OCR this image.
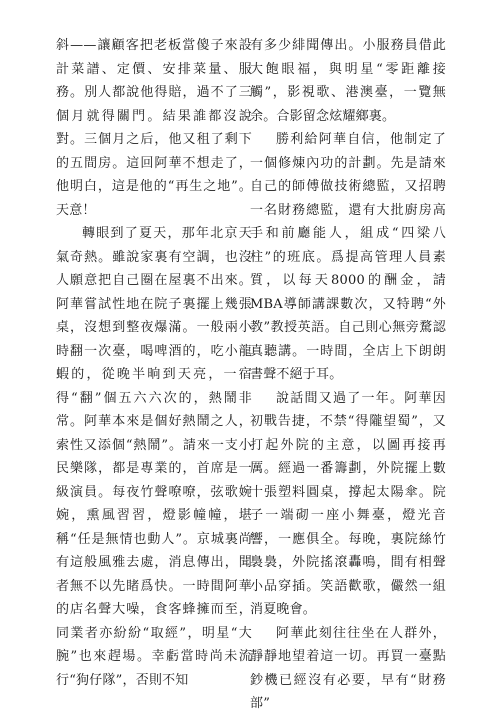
斜——讓顧客把老板當傻子來設計菜譜、定價、安排菜量、服務。別人都說他得賠，過不了三個月就得關門。結果誰都沒說對。三個月之后，他又租了剩下的五間房。這回阿華不想走了，他明白，這是他的“再生之地”。天意！

轉眼到了夏天，那年北京天氣奇熱。雖說家裏有空調，也沒人願意把自己圈在屋裏不出來。阿華嘗試性地在院子裏擺上幾張桌，沒想到整夜爆滿。一般兩小時翻一次臺，喝啤酒的，吃小龍蝦的，從晚半晌到天亮，一宿得“翻”個五六六次的，熱鬧非常。阿華本來是個好熱鬧之人，索性又添個“熱鬧”。請來一支小民樂隊，都是專業的，首席是一級演員。每夜竹聲嘹嘹，弦歌婉婉，熏風習習，燈影幢幢，堪稱“任是無情也動人”。京城裏尚有這般風雅去處，消息傳出，聞者無不以先睹爲快。一時間阿華的店名聲大噪，食客蜂擁而至，同業者亦紛紛“取經”，明星“大腕”也來趕場。幸虧當時尚未流行“狗仔隊”，否則不知

有多少緋聞傳出。小服務員借此大飽眼福，與明星“零距離接觸”，影視歌、港澳臺，一覽無余。合影留念炫耀鄉裏。

勝利給阿華自信，他制定了一個修煉內功的計劃。先是請來自己的師傅做技術總監，又招聘一名財務總監，還有大批廚房高手和前廳能人，組成“四梁八柱”的班底。爲提高管理人員素質，以每天8000的酬金，請MBA導師講課數次，又特聘“外教”教授英語。自己則心無旁騖認真聽講。一時間，全店上下朗朗書聲不絕于耳。

說話間又過了一年。阿華因初戰告捷，不禁“得隴望蜀”，又打起外院的主意，以圖再接再厲。經過一番籌劃，外院擺上數十張塑料圓桌，撐起太陽傘。院子一端砌一座小舞臺，燈光音響，一應俱全。每晚，裏院絲竹裊裊，外院搖滾轟鳴，間有相聲小品穿插。笑語歡歌，儼然一組消夏晚會。

阿華此刻往往坐在人群外，靜靜地望着這一切。再買一臺點鈔機已經沒有必要，早有“財務部”
